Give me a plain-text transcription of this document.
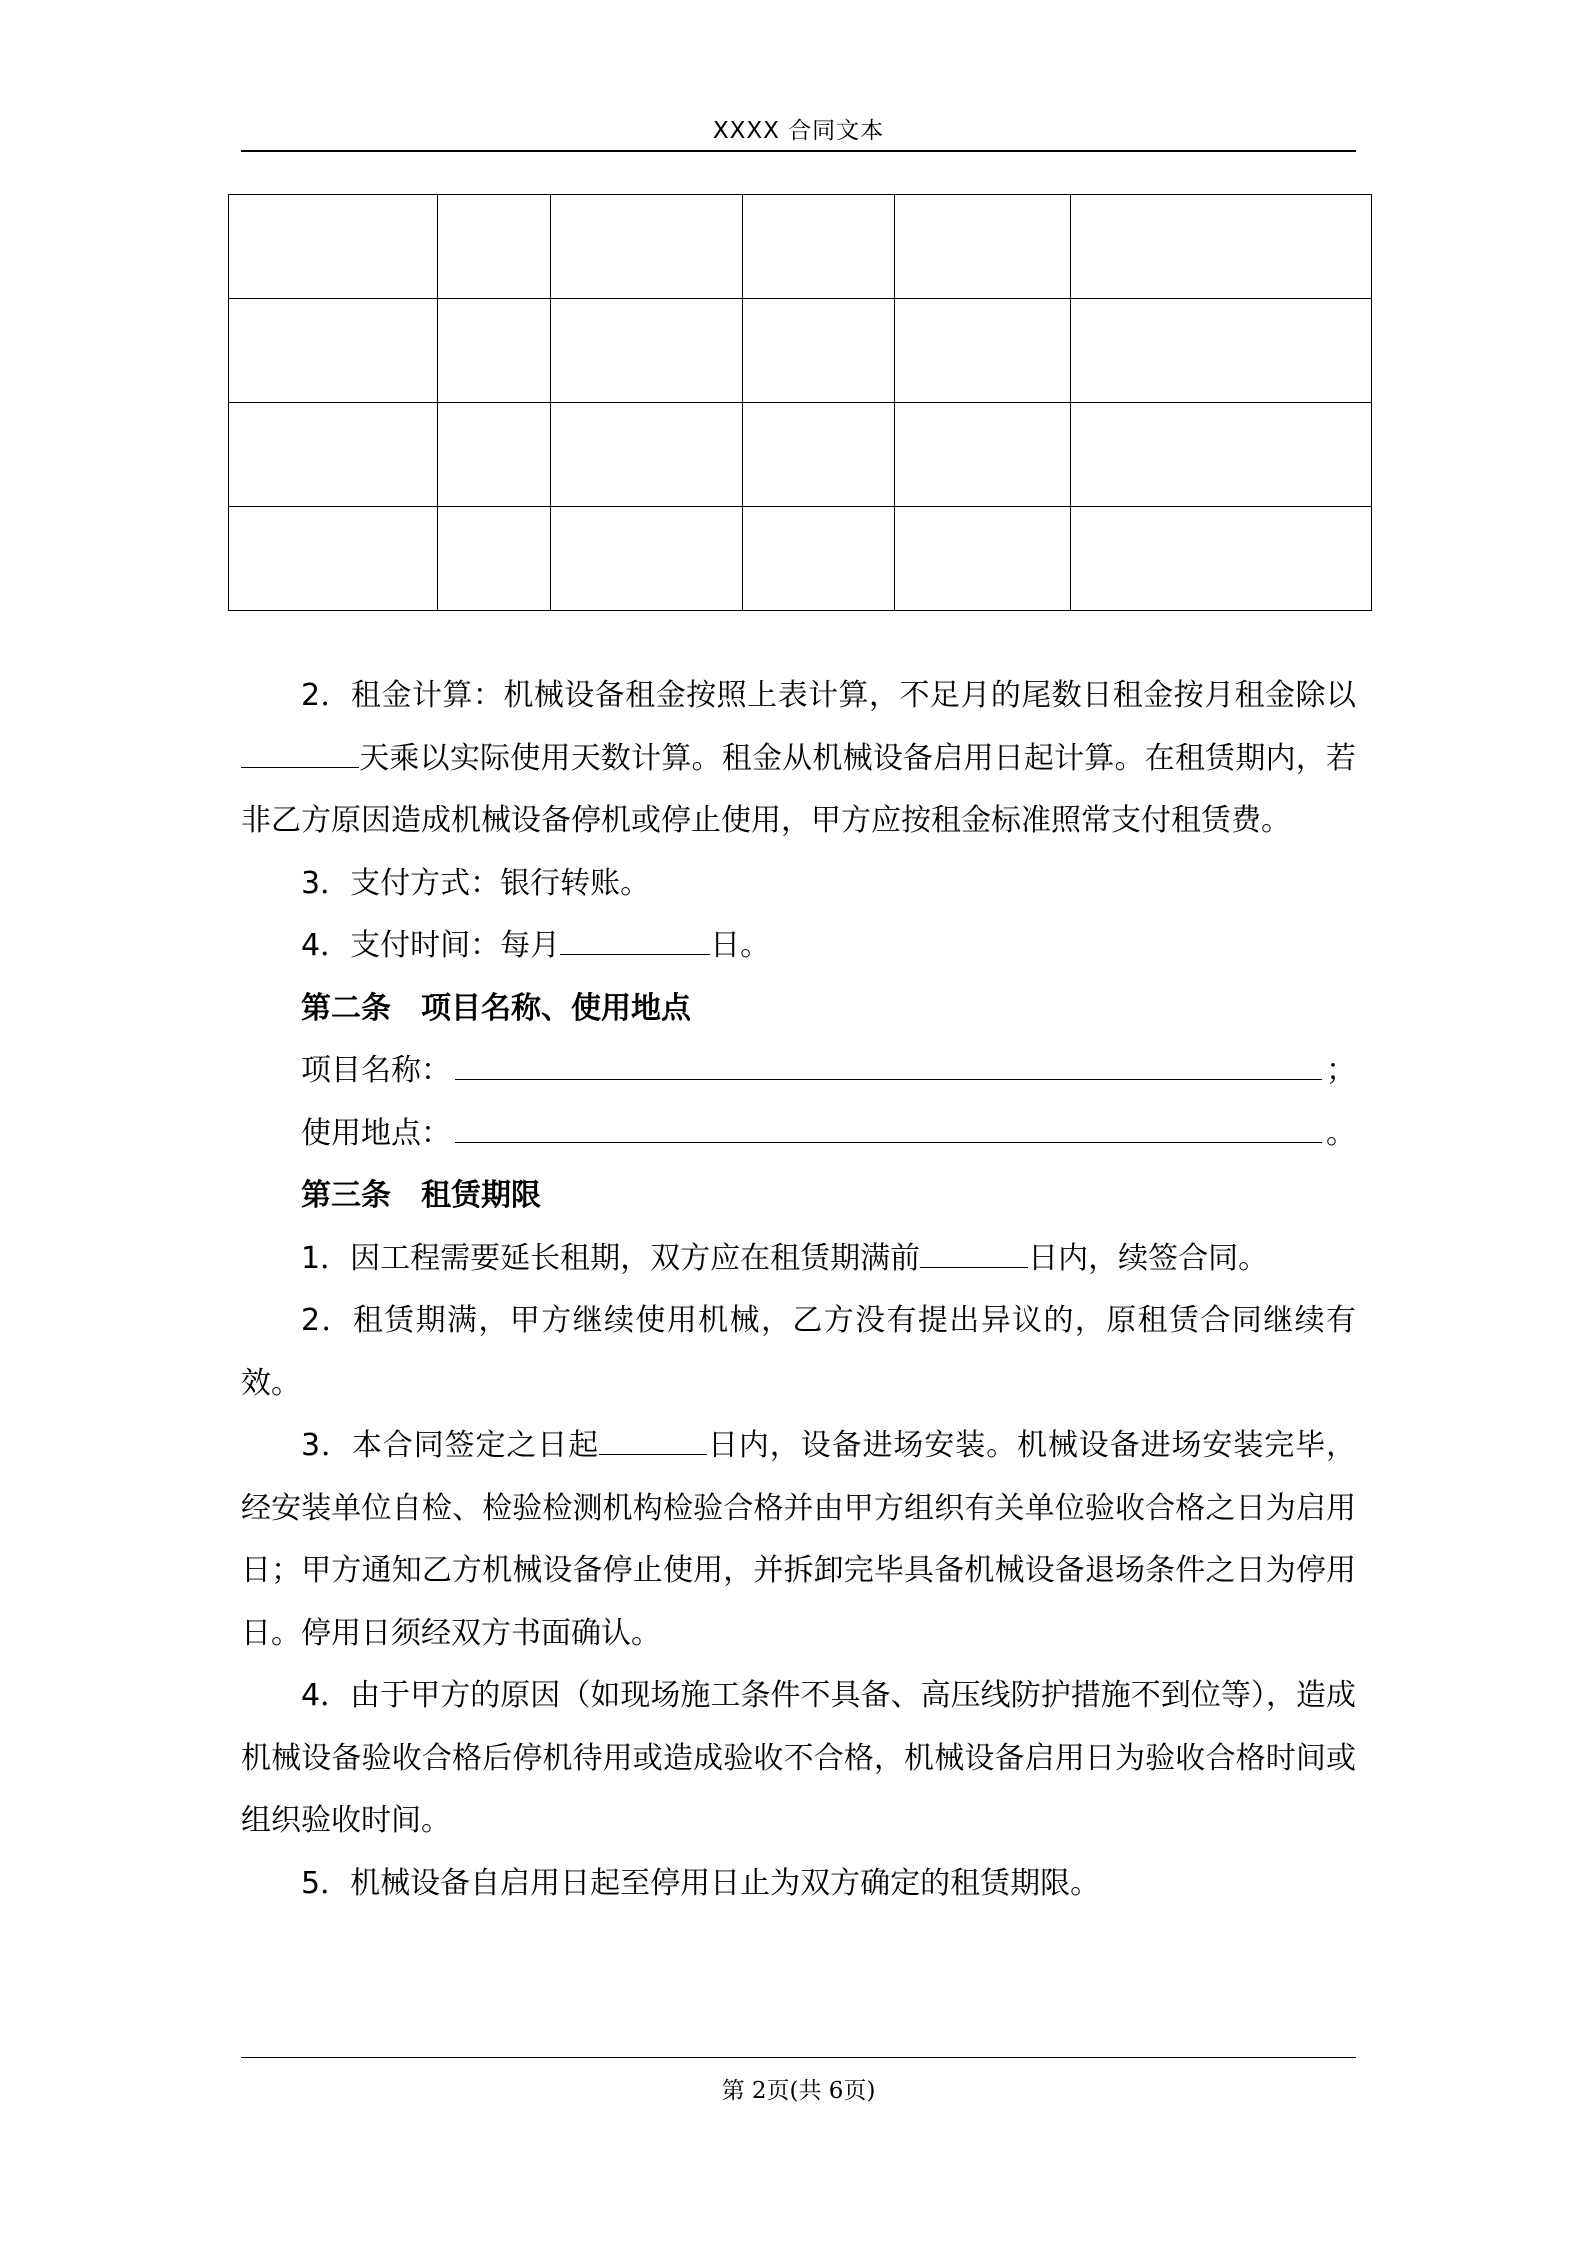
XXXX 合同文本

2．租金计算：机械设备租金按照上表计算，不足月的尾数日租金按月租金除以天乘以实际使用天数计算。租金从机械设备启用日起计算。在租赁期内，若非乙方原因造成机械设备停机或停止使用，甲方应按租金标准照常支付租赁费。

3．支付方式：银行转账。

4．支付时间：每月	日。

第二条　项目名称、使用地点

项目名称：	；
使用地点：	。

第三条　租赁期限

1．因工程需要延长租期，双方应在租赁期满前	日内，续签合同。

2．租赁期满，甲方继续使用机械，乙方没有提出异议的，原租赁合同继续有效。

3．本合同签定之日起	日内，设备进场安装。机械设备进场安装完毕，经安装单位自检、检验检测机构检验合格并由甲方组织有关单位验收合格之日为启用日；甲方通知乙方机械设备停止使用，并拆卸完毕具备机械设备退场条件之日为停用日。停用日须经双方书面确认。

4．由于甲方的原因（如现场施工条件不具备、高压线防护措施不到位等），造成机械设备验收合格后停机待用或造成验收不合格，机械设备启用日为验收合格时间或组织验收时间。

5．机械设备自启用日起至停用日止为双方确定的租赁期限。

第 2页(共 6页)
